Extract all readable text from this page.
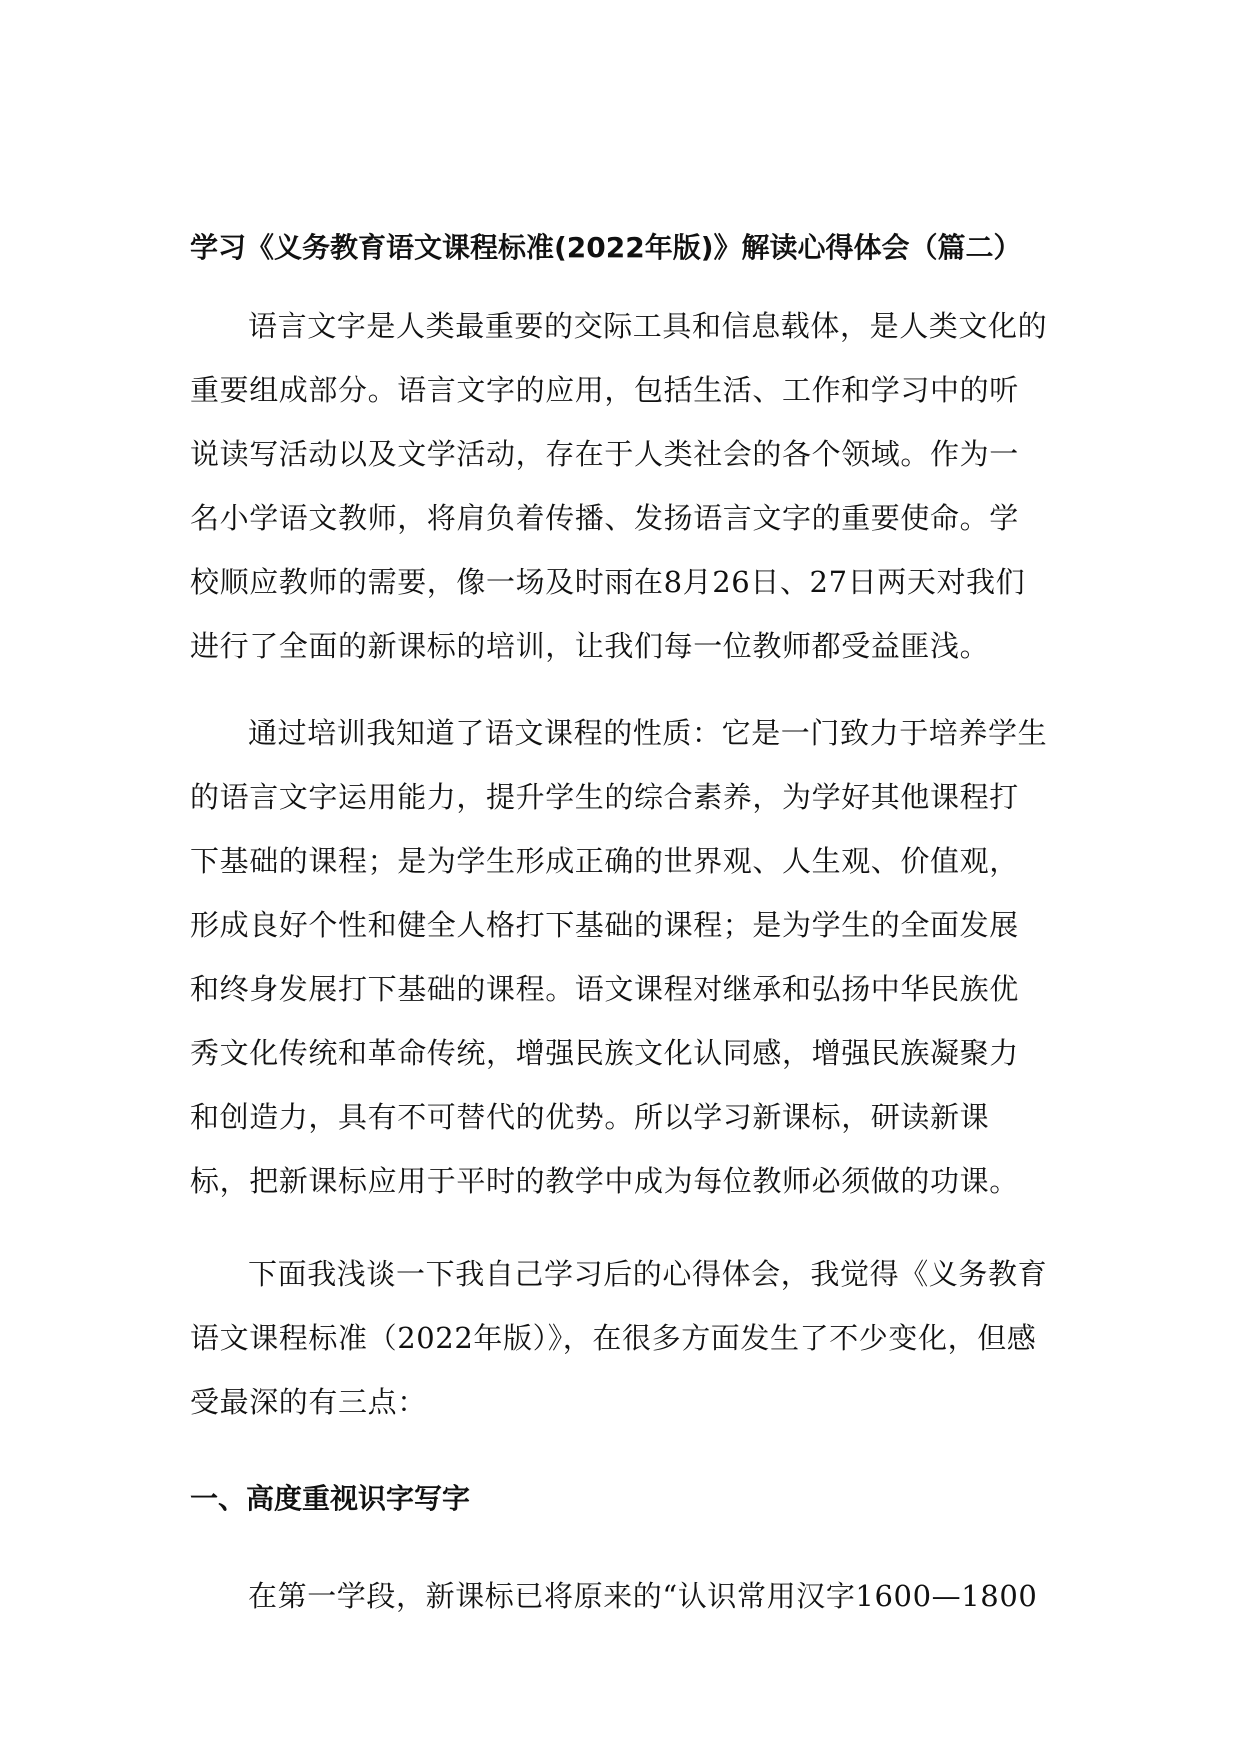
学习《义务教育语文课程标准(2022年版)》解读心得体会（篇二）

语言文字是人类最重要的交际工具和信息载体，是人类文化的重要组成部分。语言文字的应用，包括生活、工作和学习中的听说读写活动以及文学活动，存在于人类社会的各个领域。作为一名小学语文教师，将肩负着传播、发扬语言文字的重要使命。学校顺应教师的需要，像一场及时雨在8月26日、27日两天对我们进行了全面的新课标的培训，让我们每一位教师都受益匪浅。

通过培训我知道了语文课程的性质：它是一门致力于培养学生的语言文字运用能力，提升学生的综合素养，为学好其他课程打下基础的课程；是为学生形成正确的世界观、人生观、价值观，形成良好个性和健全人格打下基础的课程；是为学生的全面发展和终身发展打下基础的课程。语文课程对继承和弘扬中华民族优秀文化传统和革命传统，增强民族文化认同感，增强民族凝聚力和创造力，具有不可替代的优势。所以学习新课标，研读新课标，把新课标应用于平时的教学中成为每位教师必须做的功课。

下面我浅谈一下我自己学习后的心得体会，我觉得《义务教育语文课程标准（2022年版）》，在很多方面发生了不少变化，但感受最深的有三点：

一、高度重视识字写字

在第一学段，新课标已将原来的“认识常用汉字1600—1800
